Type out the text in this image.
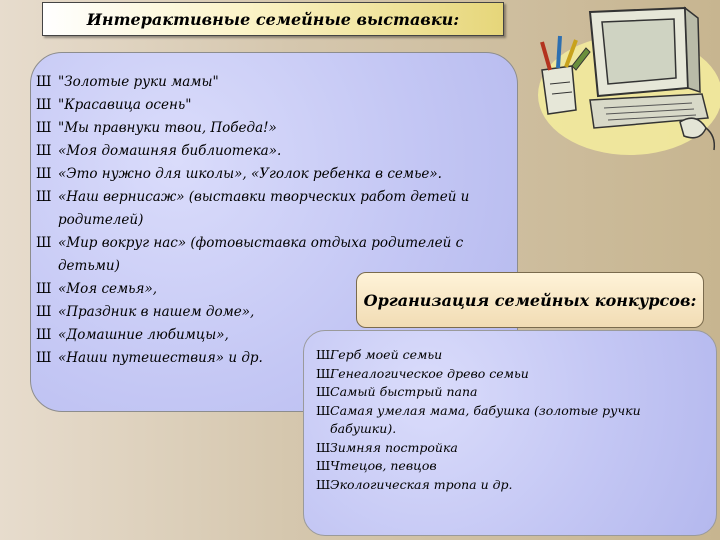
Интерактивные семейные выставки:
Ш "Золотые руки мамы"
Ш "Красавица осень"
Ш "Мы правнуки твои, Победа!»
Ш «Моя домашняя библиотека».
Ш «Это нужно для школы», «Уголок ребенка в семье».
Ш «Наш вернисаж» (выставки творческих работ детей и родителей)
Ш «Мир вокруг нас» (фотовыставка отдыха родителей с детьми)
Ш «Моя семья»,
Ш «Праздник в нашем доме»,
Ш «Домашние любимцы»,
Ш «Наши путешествия» и др.
Организация семейных конкурсов:
Ш Герб моей семьи
Ш Генеалогическое древо семьи
Ш Самый быстрый папа
Ш Самая умелая мама, бабушка (золотые ручки бабушки).
Ш Зимняя постройка
Ш Чтецов, певцов
Ш Экологическая тропа и др.
